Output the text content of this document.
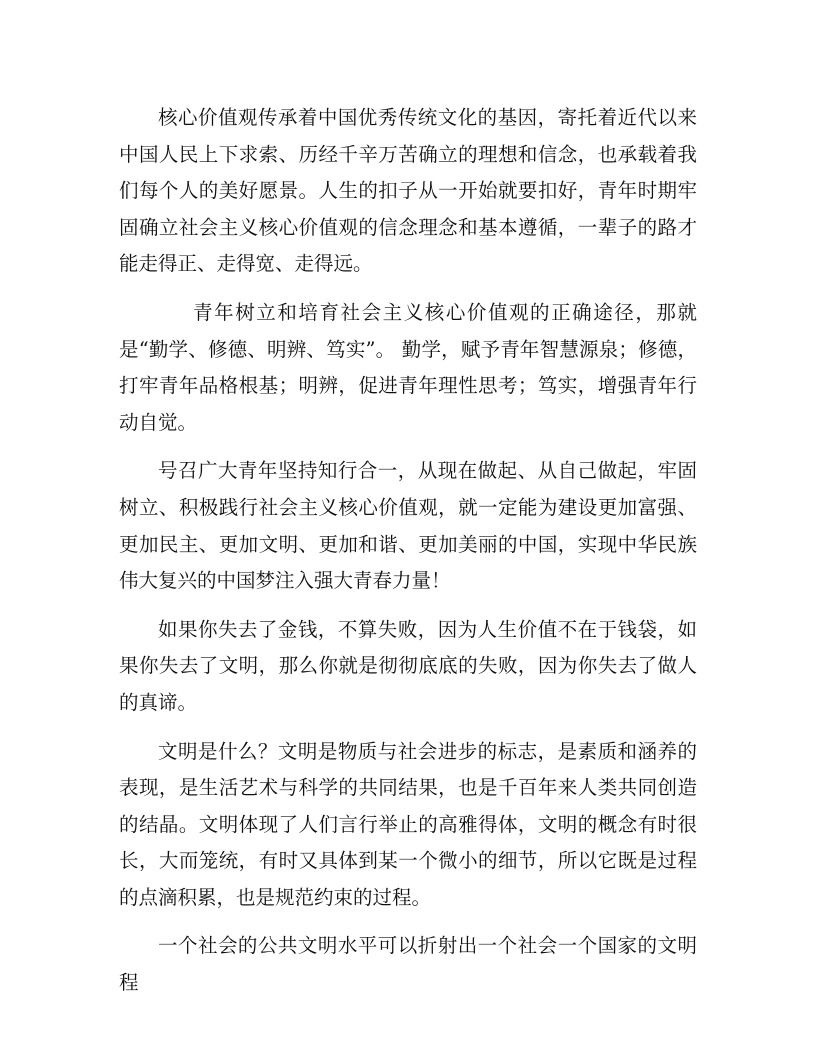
核心价值观传承着中国优秀传统文化的基因，寄托着近代以来中国人民上下求索、历经千辛万苦确立的理想和信念，也承载着我们每个人的美好愿景。人生的扣子从一开始就要扣好，青年时期牢固确立社会主义核心价值观的信念理念和基本遵循，一辈子的路才能走得正、走得宽、走得远。

青年树立和培育社会主义核心价值观的正确途径，那就是“勤学、修德、明辨、笃实”。 勤学，赋予青年智慧源泉；修德，打牢青年品格根基；明辨，促进青年理性思考；笃实，增强青年行动自觉。

号召广大青年坚持知行合一，从现在做起、从自己做起，牢固树立、积极践行社会主义核心价值观，就一定能为建设更加富强、更加民主、更加文明、更加和谐、更加美丽的中国，实现中华民族伟大复兴的中国梦注入强大青春力量！

如果你失去了金钱，不算失败，因为人生价值不在于钱袋，如果你失去了文明，那么你就是彻彻底底的失败，因为你失去了做人的真谛。

文明是什么？文明是物质与社会进步的标志，是素质和涵养的表现，是生活艺术与科学的共同结果，也是千百年来人类共同创造的结晶。文明体现了人们言行举止的高雅得体，文明的概念有时很长，大而笼统，有时又具体到某一个微小的细节，所以它既是过程的点滴积累，也是规范约束的过程。

一个社会的公共文明水平可以折射出一个社会一个国家的文明程
